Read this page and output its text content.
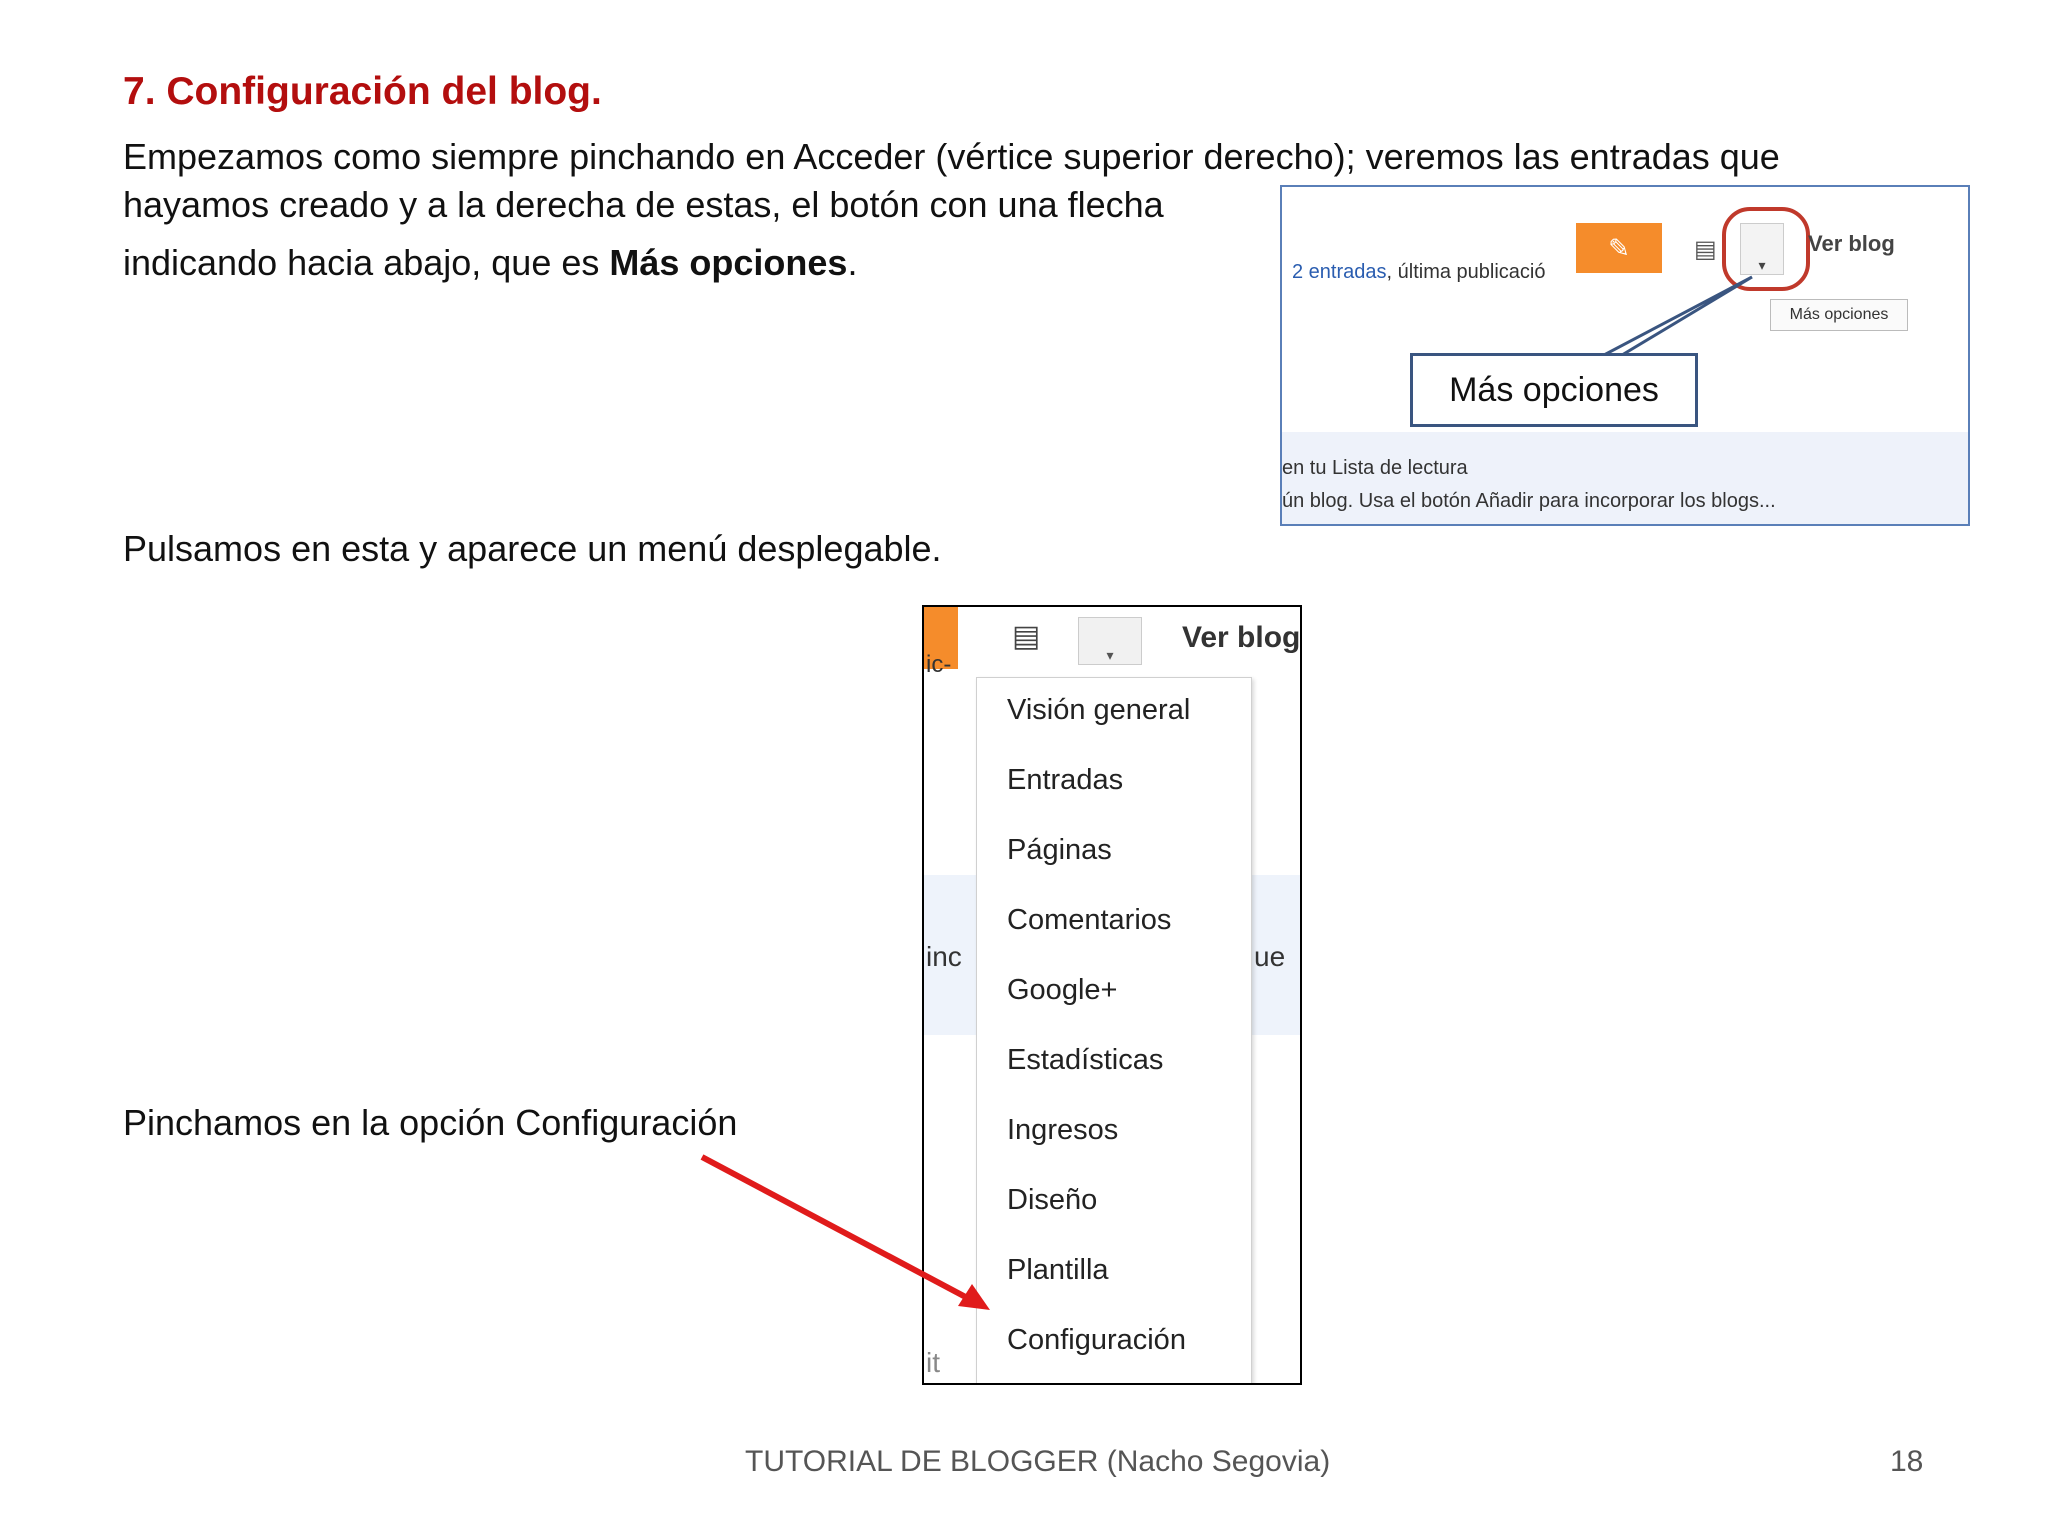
7. Configuración del blog.
Empezamos como siempre pinchando en Acceder (vértice superior derecho); veremos las entradas que
hayamos creado y a la derecha de estas, el botón con una flecha
indicando hacia abajo, que es Más opciones.	✎	▤
▾
Ver blog
2 entradas, última publicació
Más opciones
Más opciones
en tu Lista de lectura
ún blog. Usa el botón Añadir para incorporar los blogs...
Pulsamos en esta y aparece un menú desplegable.
▤
▾
Ver blog
ic-
inc	ue
it
Visión general
Entradas
Páginas
Comentarios
Google+
Estadísticas
Ingresos
Diseño
Plantilla
Configuración
Pinchamos en la opción Configuración
TUTORIAL DE BLOGGER (Nacho Segovia)	18
